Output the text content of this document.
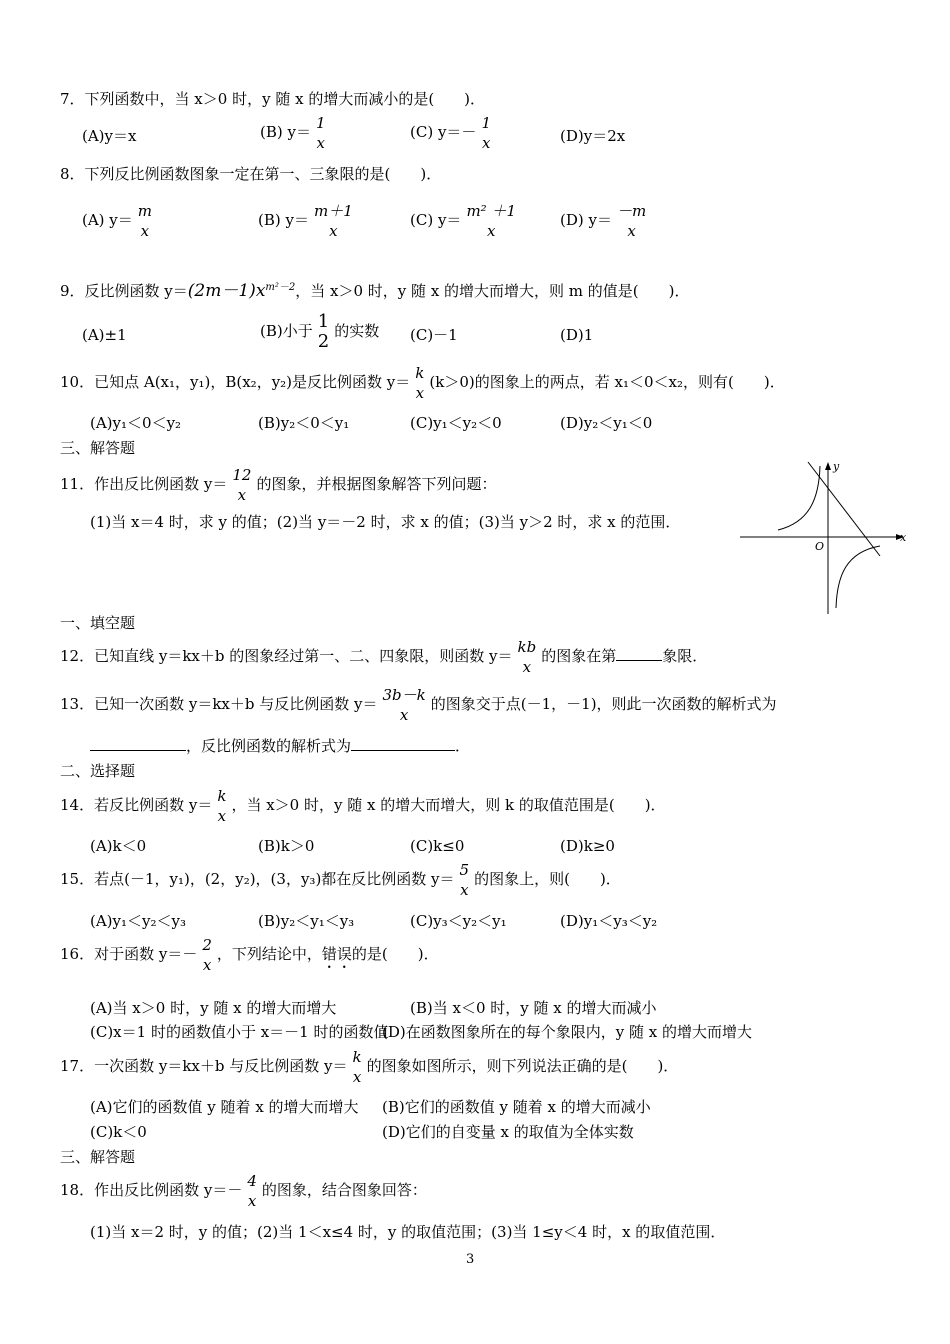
7．下列函数中，当 x＞0 时，y 随 x 的增大而减小的是(　　)．
(A)y＝x	(B) y＝ 1
x
(C) y＝－ 1
x	(D)y＝2x
8．下列反比例函数图象一定在第一、三象限的是(　　)．
(A) y＝ m
x
(B) y＝ m＋1
x
(C) y＝ m² ＋1
x
(D) y＝ －m
x
9．反比例函数 $y=(2m-1)x^{m^2-2}$，当 x＞0 时，y 随 x 的增大而增大，则 m 的值是(　　)．
(A)±1	(B)小于 1
2 的实数 (C)－1	(D)1
10．已知点 A(x₁，y₁)，B(x₂，y₂)是反比例函数 y＝ k
x
(k＞0)的图象上的两点，若 x₁＜0＜x₂，则有(　　)．
(A)y₁＜0＜y₂	(B)y₂＜0＜y₁	(C)y₁＜y₂＜0	(D)y₂＜y₁＜0
三、解答题
11．作出反比例函数 y＝ 12
x
的图象，并根据图象解答下列问题：
(1)当 x＝4 时，求 y 的值；(2)当 y＝－2 时，求 x 的值；(3)当 y＞2 时，求 x 的范围．
x
y
O
一、填空题
12．已知直线 y＝kx＋b 的图象经过第一、二、四象限，则函数 y＝ kb
x
的图象在第	象限．
13．已知一次函数 y＝kx＋b 与反比例函数 y＝ 3b－k
x
的图象交于点(－1，－1)，则此一次函数的解析式为
，反比例函数的解析式为	．
二、选择题
14．若反比例函数 y＝ k
x
，当 x＞0 时，y 随 x 的增大而增大，则 k 的取值范围是(　　)．
(A)k＜0	(B)k＞0	(C)k≤0	(D)k≥0
15．若点(－1，y₁)，(2，y₂)，(3，y₃)都在反比例函数 y＝ 5
x
的图象上，则(　　)．
(A)y₁＜y₂＜y₃	(B)y₂＜y₁＜y₃	(C)y₃＜y₂＜y₁	(D)y₁＜y₃＜y₂
16．对于函数 y＝－ 2
x
，下列结论中，错误的是(　　)．
(A)当 x＞0 时，y 随 x 的增大而增大	(B)当 x＜0 时，y 随 x 的增大而减小
(C)x＝1 时的函数值小于 x＝－1 时的函数值
(D)在函数图象所在的每个象限内，y 随 x 的增大而增大
17．一次函数 y＝kx＋b 与反比例函数 y＝ k
x
的图象如图所示，则下列说法正确的是(　　)．
(A)它们的函数值 y 随着 x 的增大而增大 (B)它们的函数值 y 随着 x 的增大而减小
(C)k＜0	(D)它们的自变量 x 的取值为全体实数
三、解答题
18．作出反比例函数 y＝－ 4
x
的图象，结合图象回答：
(1)当 x＝2 时，y 的值；(2)当 1＜x≤4 时，y 的取值范围；(3)当 1≤y＜4 时，x 的取值范围．
3
